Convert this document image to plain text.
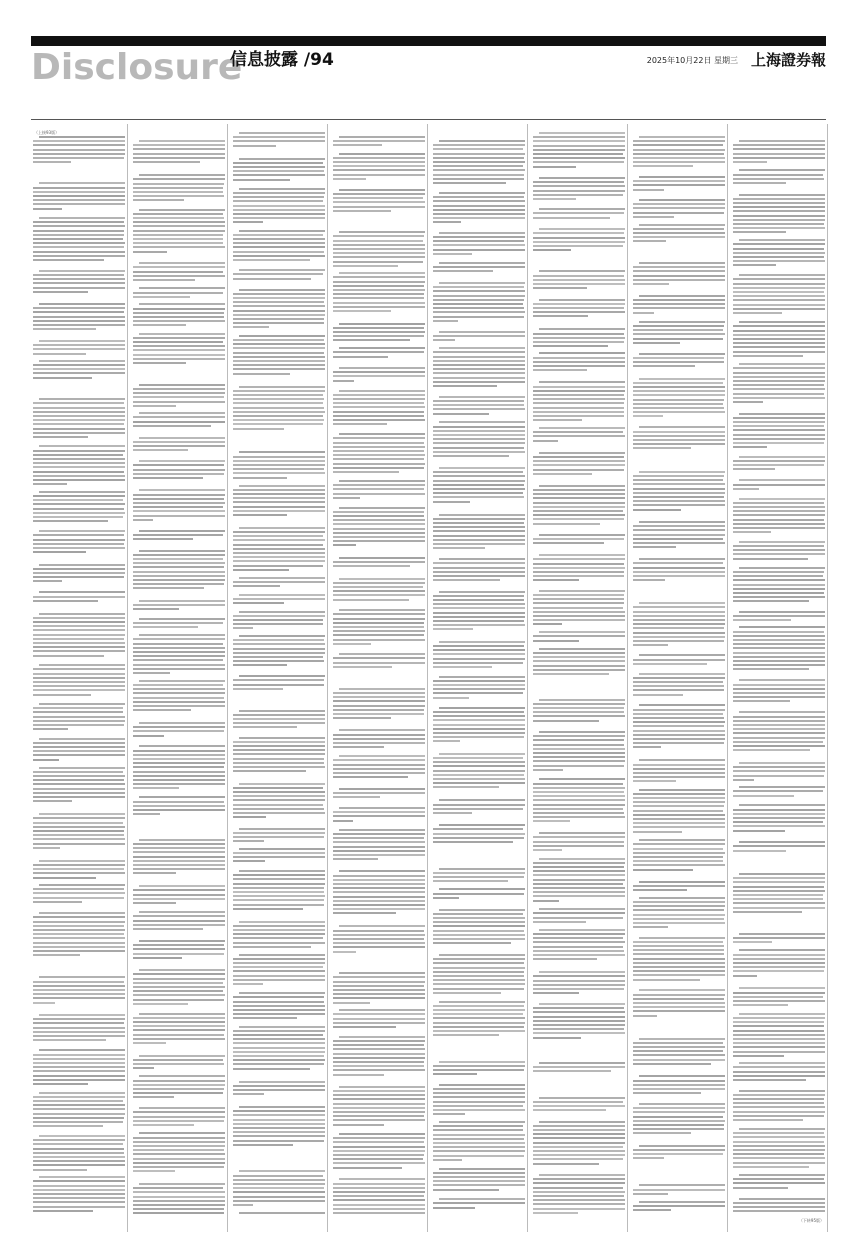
Disclosure
信息披露 /94	2025年10月22日 星期三 上海證券報
（上接93版）
（下转95版）
